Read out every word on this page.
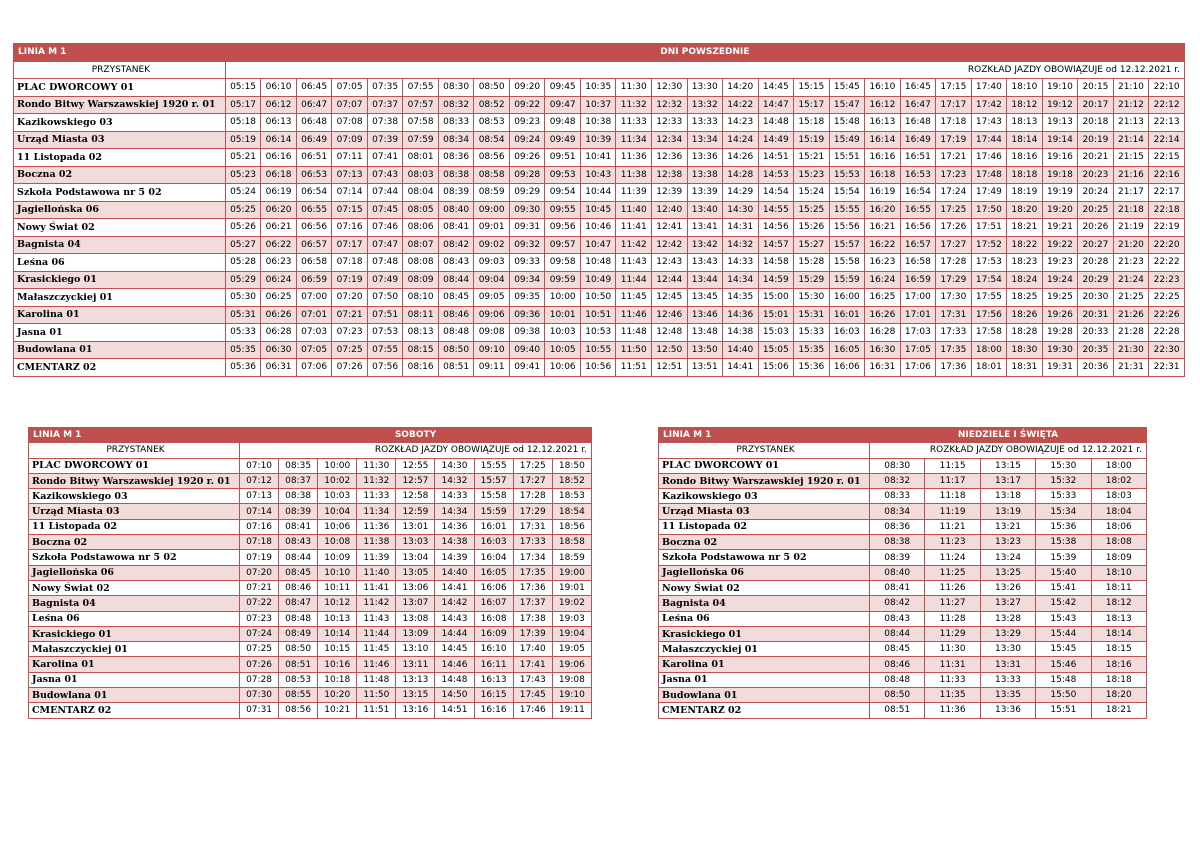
LINIA M 1	DNI POWSZEDNIE																										
PRZYSTANEK	ROZKŁAD JAZDY OBOWIĄZUJE od 12.12.2021 r.																										
PLAC DWORCOWY 01	05:15	06:10	06:45	07:05	07:35	07:55	08:30	08:50	09:20	09:45	10:35	11:30	12:30	13:30	14:20	14:45	15:15	15:45	16:10	16:45	17:15	17:40	18:10	19:10	20:15	21:10	22:10
Rondo Bitwy Warszawskiej 1920 r. 01	05:17	06:12	06:47	07:07	07:37	07:57	08:32	08:52	09:22	09:47	10:37	11:32	12:32	13:32	14:22	14:47	15:17	15:47	16:12	16:47	17:17	17:42	18:12	19:12	20:17	21:12	22:12
Kazikowskiego 03	05:18	06:13	06:48	07:08	07:38	07:58	08:33	08:53	09:23	09:48	10:38	11:33	12:33	13:33	14:23	14:48	15:18	15:48	16:13	16:48	17:18	17:43	18:13	19:13	20:18	21:13	22:13
Urząd Miasta 03	05:19	06:14	06:49	07:09	07:39	07:59	08:34	08:54	09:24	09:49	10:39	11:34	12:34	13:34	14:24	14:49	15:19	15:49	16:14	16:49	17:19	17:44	18:14	19:14	20:19	21:14	22:14
11 Listopada 02	05:21	06:16	06:51	07:11	07:41	08:01	08:36	08:56	09:26	09:51	10:41	11:36	12:36	13:36	14:26	14:51	15:21	15:51	16:16	16:51	17:21	17:46	18:16	19:16	20:21	21:15	22:15
Boczna 02	05:23	06:18	06:53	07:13	07:43	08:03	08:38	08:58	09:28	09:53	10:43	11:38	12:38	13:38	14:28	14:53	15:23	15:53	16:18	16:53	17:23	17:48	18:18	19:18	20:23	21:16	22:16
Szkoła Podstawowa nr 5 02	05:24	06:19	06:54	07:14	07:44	08:04	08:39	08:59	09:29	09:54	10:44	11:39	12:39	13:39	14:29	14:54	15:24	15:54	16:19	16:54	17:24	17:49	18:19	19:19	20:24	21:17	22:17
Jagiellońska 06	05:25	06:20	06:55	07:15	07:45	08:05	08:40	09:00	09:30	09:55	10:45	11:40	12:40	13:40	14:30	14:55	15:25	15:55	16:20	16:55	17:25	17:50	18:20	19:20	20:25	21:18	22:18
Nowy Świat 02	05:26	06:21	06:56	07:16	07:46	08:06	08:41	09:01	09:31	09:56	10:46	11:41	12:41	13:41	14:31	14:56	15:26	15:56	16:21	16:56	17:26	17:51	18:21	19:21	20:26	21:19	22:19
Bagnista 04	05:27	06:22	06:57	07:17	07:47	08:07	08:42	09:02	09:32	09:57	10:47	11:42	12:42	13:42	14:32	14:57	15:27	15:57	16:22	16:57	17:27	17:52	18:22	19:22	20:27	21:20	22:20
Leśna 06	05:28	06:23	06:58	07:18	07:48	08:08	08:43	09:03	09:33	09:58	10:48	11:43	12:43	13:43	14:33	14:58	15:28	15:58	16:23	16:58	17:28	17:53	18:23	19:23	20:28	21:23	22:22
Krasickiego 01	05:29	06:24	06:59	07:19	07:49	08:09	08:44	09:04	09:34	09:59	10:49	11:44	12:44	13:44	14:34	14:59	15:29	15:59	16:24	16:59	17:29	17:54	18:24	19:24	20:29	21:24	22:23
Małaszczyckiej 01	05:30	06:25	07:00	07:20	07:50	08:10	08:45	09:05	09:35	10:00	10:50	11:45	12:45	13:45	14:35	15:00	15:30	16:00	16:25	17:00	17:30	17:55	18:25	19:25	20:30	21:25	22:25
Karolina 01	05:31	06:26	07:01	07:21	07:51	08:11	08:46	09:06	09:36	10:01	10:51	11:46	12:46	13:46	14:36	15:01	15:31	16:01	16:26	17:01	17:31	17:56	18:26	19:26	20:31	21:26	22:26
Jasna 01	05:33	06:28	07:03	07:23	07:53	08:13	08:48	09:08	09:38	10:03	10:53	11:48	12:48	13:48	14:38	15:03	15:33	16:03	16:28	17:03	17:33	17:58	18:28	19:28	20:33	21:28	22:28
Budowlana 01	05:35	06:30	07:05	07:25	07:55	08:15	08:50	09:10	09:40	10:05	10:55	11:50	12:50	13:50	14:40	15:05	15:35	16:05	16:30	17:05	17:35	18:00	18:30	19:30	20:35	21:30	22:30
CMENTARZ 02	05:36	06:31	07:06	07:26	07:56	08:16	08:51	09:11	09:41	10:06	10:56	11:51	12:51	13:51	14:41	15:06	15:36	16:06	16:31	17:06	17:36	18:01	18:31	19:31	20:36	21:31	22:31
LINIA M 1	SOBOTY								
PRZYSTANEK	ROZKŁAD JAZDY OBOWIĄZUJE od 12.12.2021 r.								
PLAC DWORCOWY 01	07:10	08:35	10:00	11:30	12:55	14:30	15:55	17:25	18:50
Rondo Bitwy Warszawskiej 1920 r. 01	07:12	08:37	10:02	11:32	12:57	14:32	15:57	17:27	18:52
Kazikowskiego 03	07:13	08:38	10:03	11:33	12:58	14:33	15:58	17:28	18:53
Urząd Miasta 03	07:14	08:39	10:04	11:34	12:59	14:34	15:59	17:29	18:54
11 Listopada 02	07:16	08:41	10:06	11:36	13:01	14:36	16:01	17:31	18:56
Boczna 02	07:18	08:43	10:08	11:38	13:03	14:38	16:03	17:33	18:58
Szkoła Podstawowa nr 5 02	07:19	08:44	10:09	11:39	13:04	14:39	16:04	17:34	18:59
Jagiellońska 06	07:20	08:45	10:10	11:40	13:05	14:40	16:05	17:35	19:00
Nowy Świat 02	07:21	08:46	10:11	11:41	13:06	14:41	16:06	17:36	19:01
Bagnista 04	07:22	08:47	10:12	11:42	13:07	14:42	16:07	17:37	19:02
Leśna 06	07:23	08:48	10:13	11:43	13:08	14:43	16:08	17:38	19:03
Krasickiego 01	07:24	08:49	10:14	11:44	13:09	14:44	16:09	17:39	19:04
Małaszczyckiej 01	07:25	08:50	10:15	11:45	13:10	14:45	16:10	17:40	19:05
Karolina 01	07:26	08:51	10:16	11:46	13:11	14:46	16:11	17:41	19:06
Jasna 01	07:28	08:53	10:18	11:48	13:13	14:48	16:13	17:43	19:08
Budowlana 01	07:30	08:55	10:20	11:50	13:15	14:50	16:15	17:45	19:10
CMENTARZ 02	07:31	08:56	10:21	11:51	13:16	14:51	16:16	17:46	19:11
LINIA M 1	NIEDZIELE I ŚWIĘTA				
PRZYSTANEK	ROZKŁAD JAZDY OBOWIĄZUJE od 12.12.2021 r.				
PLAC DWORCOWY 01	08:30	11:15	13:15	15:30	18:00
Rondo Bitwy Warszawskiej 1920 r. 01	08:32	11:17	13:17	15:32	18:02
Kazikowskiego 03	08:33	11:18	13:18	15:33	18:03
Urząd Miasta 03	08:34	11:19	13:19	15:34	18:04
11 Listopada 02	08:36	11:21	13:21	15:36	18:06
Boczna 02	08:38	11:23	13:23	15:38	18:08
Szkoła Podstawowa nr 5 02	08:39	11:24	13:24	15:39	18:09
Jagiellońska 06	08:40	11:25	13:25	15:40	18:10
Nowy Świat 02	08:41	11:26	13:26	15:41	18:11
Bagnista 04	08:42	11:27	13:27	15:42	18:12
Leśna 06	08:43	11:28	13:28	15:43	18:13
Krasickiego 01	08:44	11:29	13:29	15:44	18:14
Małaszczyckiej 01	08:45	11:30	13:30	15:45	18:15
Karolina 01	08:46	11:31	13:31	15:46	18:16
Jasna 01	08:48	11:33	13:33	15:48	18:18
Budowlana 01	08:50	11:35	13:35	15:50	18:20
CMENTARZ 02	08:51	11:36	13:36	15:51	18:21
